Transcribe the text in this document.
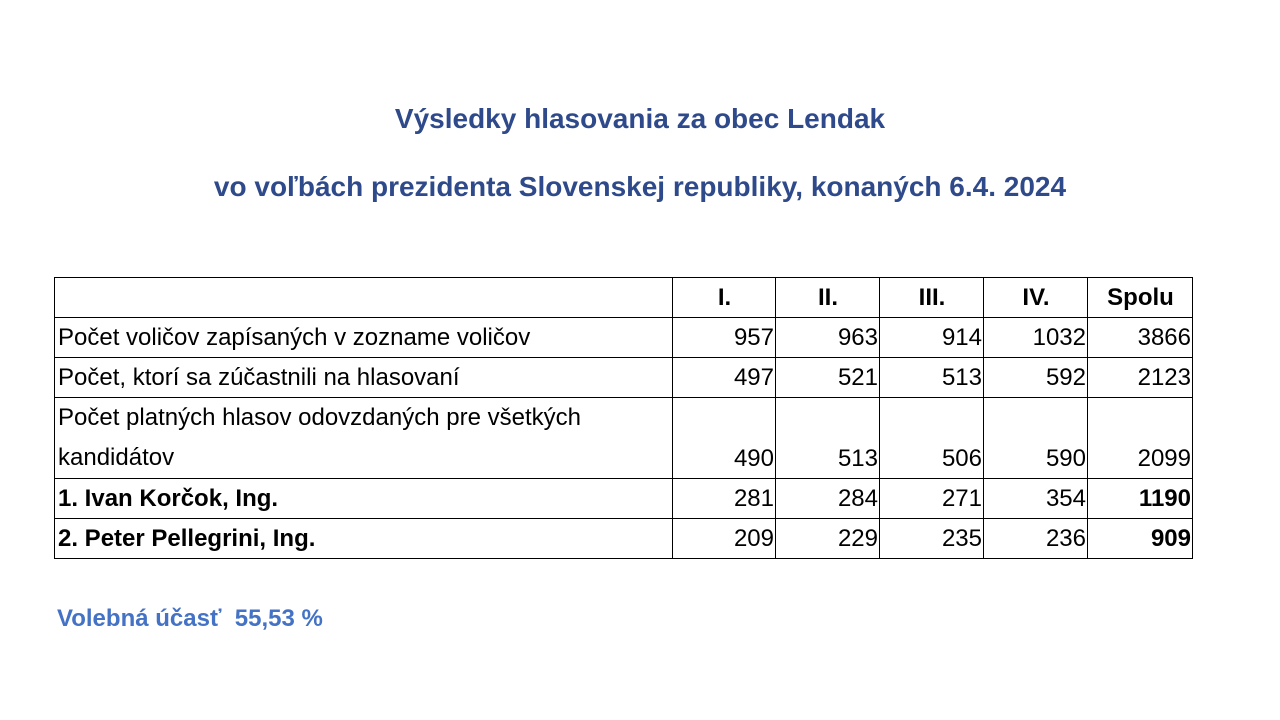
Výsledky hlasovania za obec Lendak
vo voľbách prezidenta Slovenskej republiky, konaných 6.4. 2024
	I.	II.	III.	IV.	Spolu
Počet voličov zapísaných v zozname voličov	957	963	914	1032	3866
Počet, ktorí sa zúčastnili na hlasovaní	497	521	513	592	2123
Počet platných hlasov odovzdaných pre všetkých kandidátov	490	513	506	590	2099
1. Ivan Korčok, Ing.	281	284	271	354	1190
2. Peter Pellegrini, Ing.	209	229	235	236	909
Volebná účasť  55,53 %
